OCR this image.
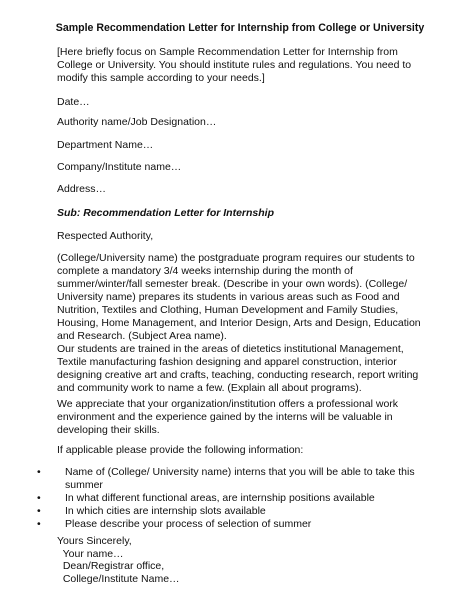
Sample Recommendation Letter for Internship from College or University
[Here briefly focus on Sample Recommendation Letter for Internship from
College or University. You should institute rules and regulations. You need to
modify this sample according to your needs.]
Date…
Authority name/Job Designation…
Department Name…
Company/Institute name…
Address…
Sub: Recommendation Letter for Internship
Respected Authority,
(College/University name) the postgraduate program requires our students to
complete a mandatory 3/4 weeks internship during the month of
summer/winter/fall semester break. (Describe in your own words). (College/
University name) prepares its students in various areas such as Food and
Nutrition, Textiles and Clothing, Human Development and Family Studies,
Housing, Home Management, and Interior Design, Arts and Design, Education
and Research. (Subject Area name).
Our students are trained in the areas of dietetics institutional Management,
Textile manufacturing fashion designing and apparel construction, interior
designing creative art and crafts, teaching, conducting research, report writing
and community work to name a few. (Explain all about programs).
We appreciate that your organization/institution offers a professional work
environment and the experience gained by the interns will be valuable in
developing their skills.
If applicable please provide the following information:
• Name of (College/ University name) interns that you will be able to take this
summer
• In what different functional areas, are internship positions available
• In which cities are internship slots available
• Please describe your process of selection of summer
Yours Sincerely,
Your name…
Dean/Registrar office,
College/Institute Name…
